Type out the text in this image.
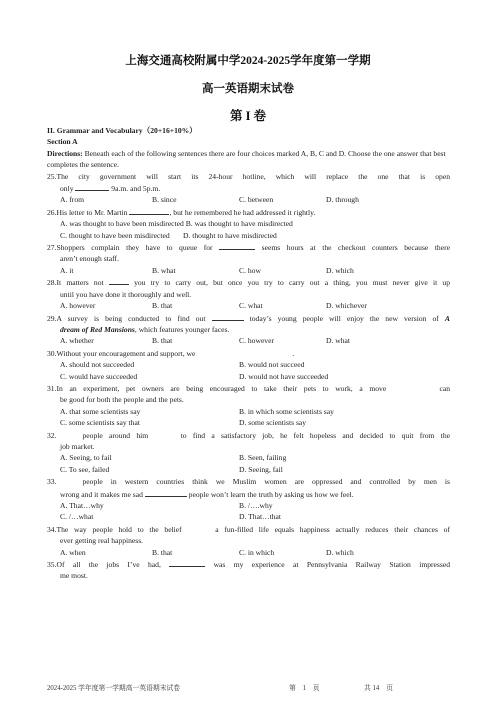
上海交通高校附属中学2024-2025学年度第一学期
高一英语期末试卷
第 I 卷

II. Grammar and Vocabulary（20+16+10%）

Section A

Directions: Beneath each of the following sentences there are four choices marked A, B, C and D. Choose the one answer that best completes the sentence.

25.The city government will start its 24-hour hotline, which will replace the one that is open

only	9a.m. and 5p.m.

A. from	B. since	C. between	D. through

26.His letter to Mr. Martin	, but he remembered he had addressed it rightly.

A. was thought to have been misdirected B. was thought to have misdirected

C. thought to have been misdirected D. thought to have misdirected

27.Shoppers complain they have to queue for	seems hours at the checkout counters because there

aren’t enough staff.

A. it	B. what	C. how	D. which

28.It matters not	you try to carry out, but once you try to carry out a thing, you must never give it up

until you have done it thoroughly and well.

A. however	B. that	C. what	D. whichever

29.A survey is being conducted to find out	today’s young people will enjoy the new version of A

dream of Red Mansions, which features younger faces.

A. whether	B. that	C. however	D. what

30.Without your encouragement and support, we	.

A. should not succeeded	B. would not succeed
C. would have succeeded	D. would not have succeeded

31.In an experiment, pet owners are being encouraged to take their pets to work, a move	can

be good for both the people and the pets.

A. that some scientists say	B. in which some scientists say
C. some scientists say that	D. some scientists say

32.	people around him	to find a satisfactory job, he felt hopeless and decided to quit from the

job market.

A. Seeing, to fail	B. Seen, failing
C. To see, failed	D. Seeing, fail

33.	people in western countries think we Muslim women are oppressed and controlled by men is

wrong and it makes me sad	people won’t learn the truth by asking us how we feel.

A. That…why	B. /….why
C. /…what	D. That…that

34.The way people hold to the belief	a fun-filled life equals happiness actually reduces their chances of

ever getting real happiness.

A. when	B. that	C. in which	D. which

35.Of all the jobs I’ve had,	was my experience at Pennsylvania Railway Station impressed

me most.

2024-2025 学年度第一学期高一英语期末试卷	第　1　页	共 14　页
